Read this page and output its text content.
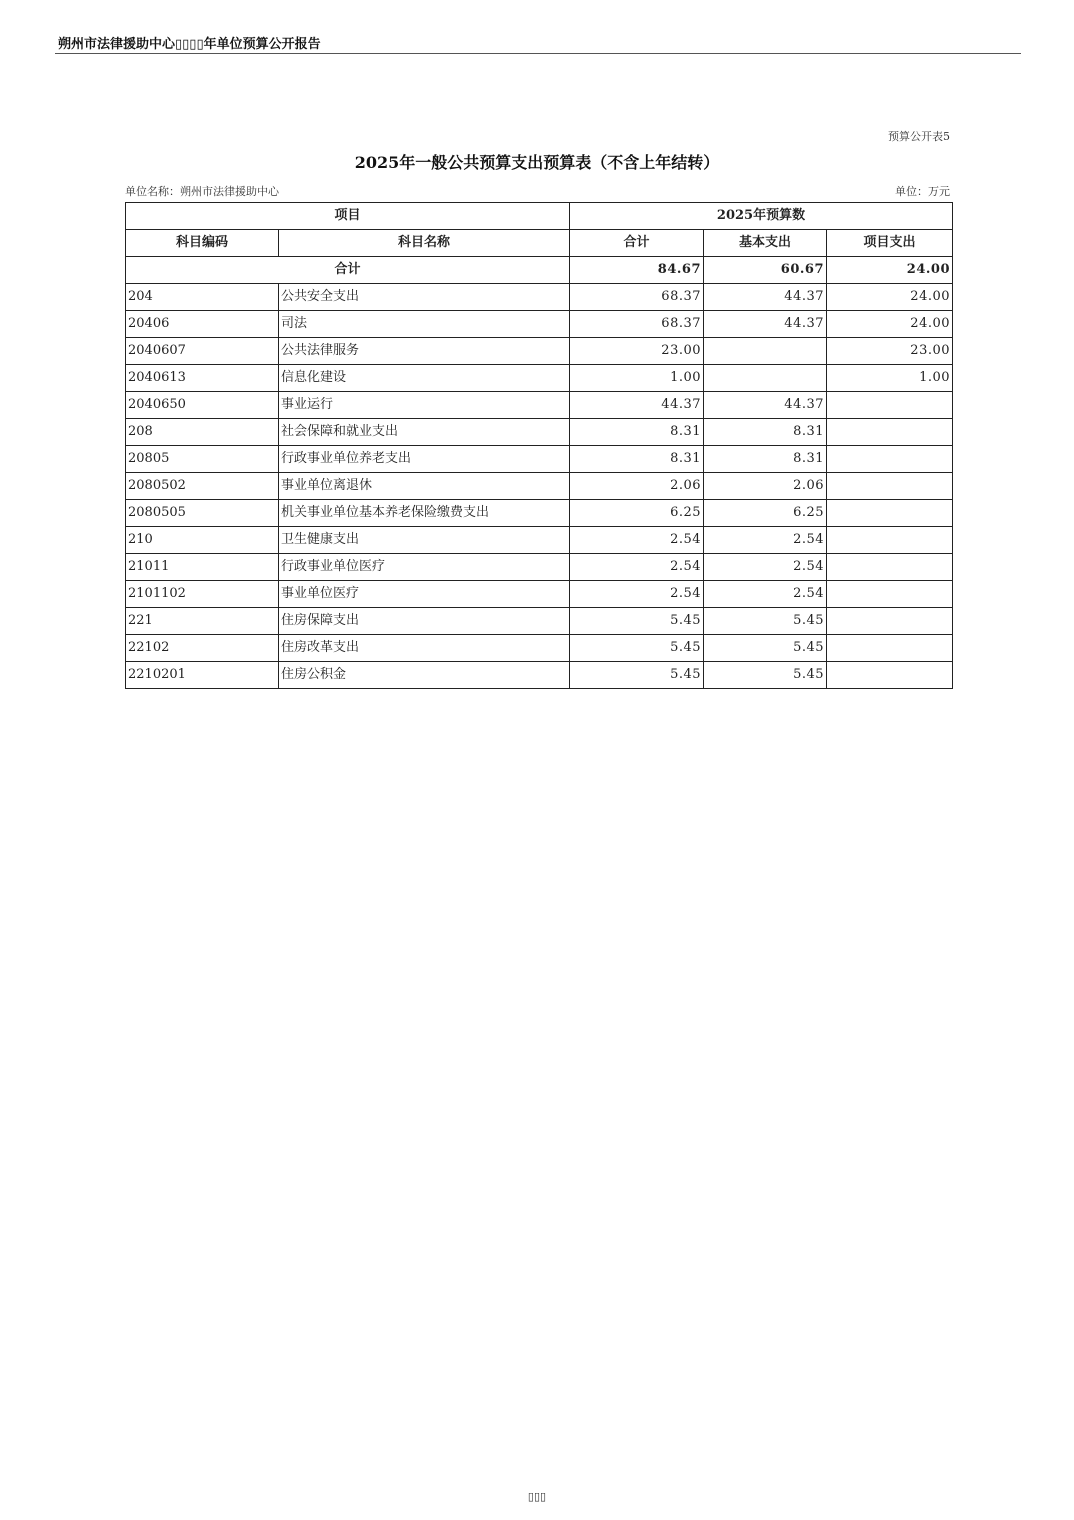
朔州市法律援助中心▯▯▯▯年单位预算公开报告
预算公开表5
2025年一般公共预算支出预算表（不含上年结转）
单位名称：朔州市法律援助中心	单位：万元
项目		2025年预算数		
科目编码	科目名称	合计	基本支出	项目支出
合计		84.67	60.67	24.00
204	公共安全支出	68.37	44.37	24.00
20406	司法	68.37	44.37	24.00
2040607	公共法律服务	23.00		23.00
2040613	信息化建设	1.00		1.00
2040650	事业运行	44.37	44.37	
208	社会保障和就业支出	8.31	8.31	
20805	行政事业单位养老支出	8.31	8.31	
2080502	事业单位离退休	2.06	2.06	
2080505	机关事业单位基本养老保险缴费支出	6.25	6.25	
210	卫生健康支出	2.54	2.54	
21011	行政事业单位医疗	2.54	2.54	
2101102	事业单位医疗	2.54	2.54	
221	住房保障支出	5.45	5.45	
22102	住房改革支出	5.45	5.45	
2210201	住房公积金	5.45	5.45	
▯▯▯
